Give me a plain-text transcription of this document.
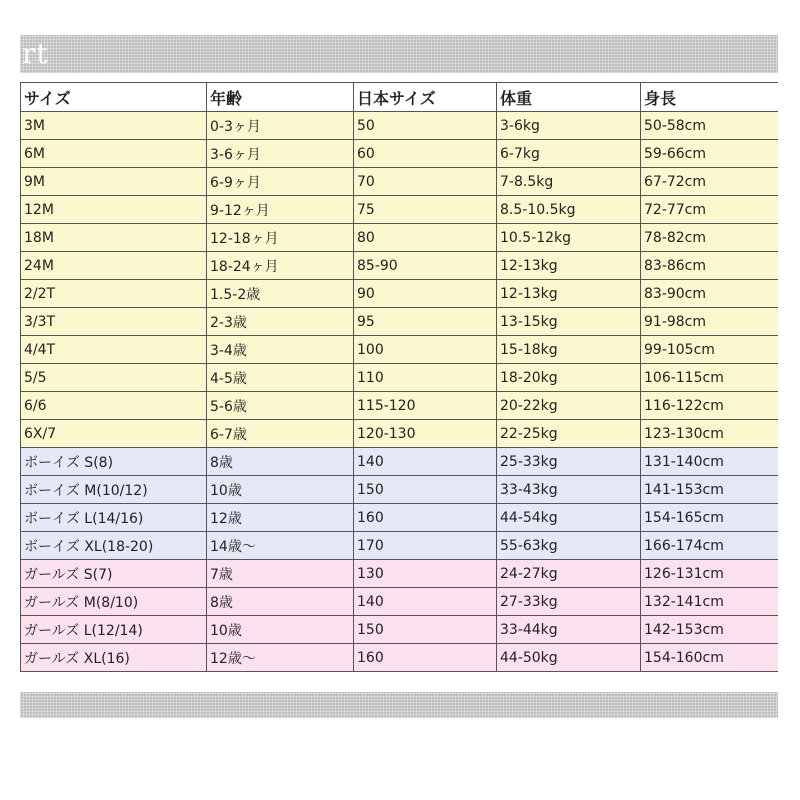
rt
サイズ	年齢	日本サイズ	体重	身長
3M	0-3ヶ月	50	3-6kg	50-58cm
6M	3-6ヶ月	60	6-7kg	59-66cm
9M	6-9ヶ月	70	7-8.5kg	67-72cm
12M	9-12ヶ月	75	8.5-10.5kg	72-77cm
18M	12-18ヶ月	80	10.5-12kg	78-82cm
24M	18-24ヶ月	85-90	12-13kg	83-86cm
2/2T	1.5-2歳	90	12-13kg	83-90cm
3/3T	2-3歳	95	13-15kg	91-98cm
4/4T	3-4歳	100	15-18kg	99-105cm
5/5	4-5歳	110	18-20kg	106-115cm
6/6	5-6歳	115-120	20-22kg	116-122cm
6X/7	6-7歳	120-130	22-25kg	123-130cm
ボーイズ S(8)	8歳	140	25-33kg	131-140cm
ボーイズ M(10/12)	10歳	150	33-43kg	141-153cm
ボーイズ L(14/16)	12歳	160	44-54kg	154-165cm
ボーイズ XL(18-20)	14歳～	170	55-63kg	166-174cm
ガールズ S(7)	7歳	130	24-27kg	126-131cm
ガールズ M(8/10)	8歳	140	27-33kg	132-141cm
ガールズ L(12/14)	10歳	150	33-44kg	142-153cm
ガールズ XL(16)	12歳～	160	44-50kg	154-160cm
